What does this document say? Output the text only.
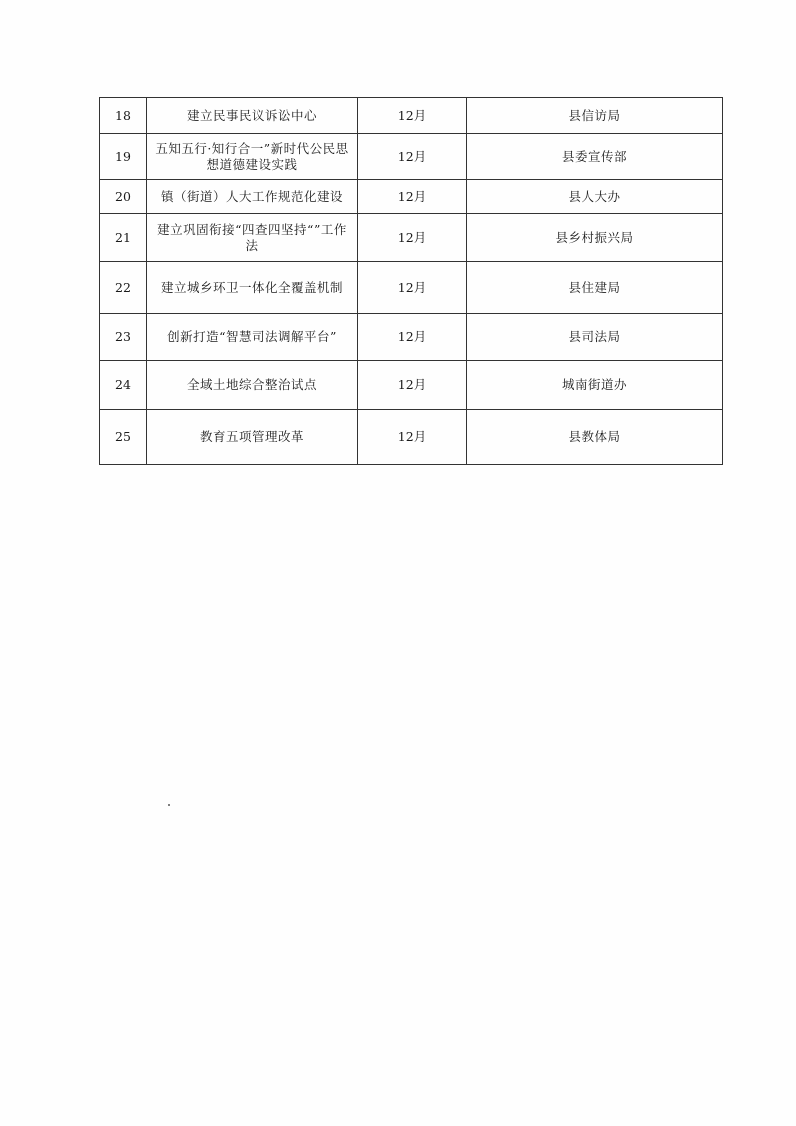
18	建立民事民议诉讼中心	12月	县信访局
19	五知五行·知行合一”新时代公民思想道德建设实践	12月	县委宣传部
20	镇（街道）人大工作规范化建设	12月	县人大办
21	建立巩固衔接“四查四坚持“”工作法	12月	县乡村振兴局
22	建立城乡环卫一体化全覆盖机制	12月	县住建局
23	创新打造“智慧司法调解平台”	12月	县司法局
24	全域土地综合整治试点	12月	城南街道办
25	教育五项管理改革	12月	县教体局
